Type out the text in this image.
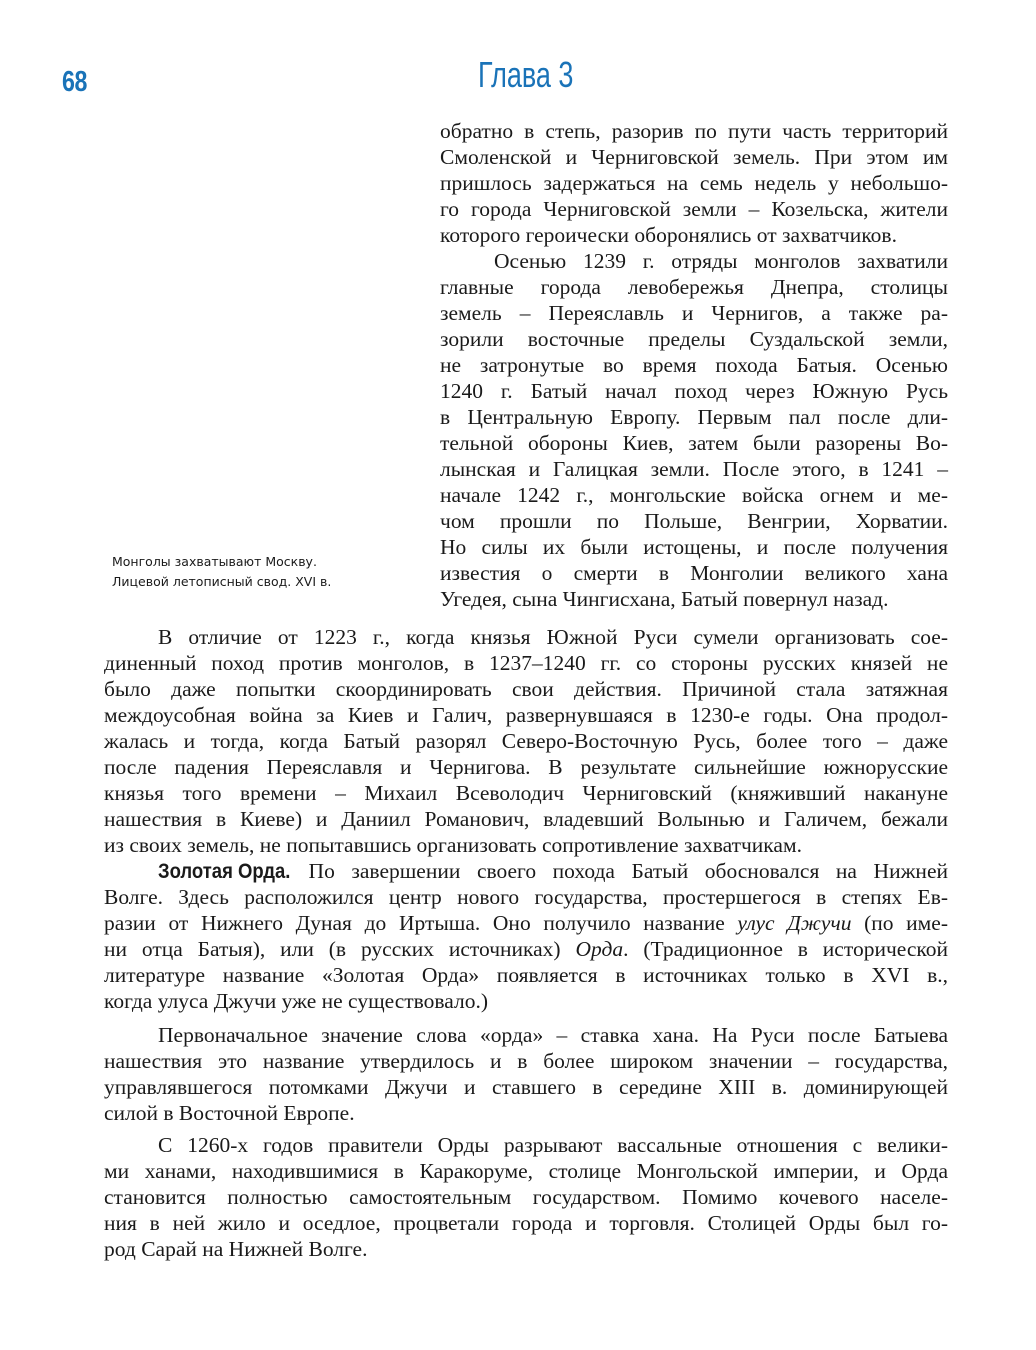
68	Глава 3
Монголы захватывают Москву.
Лицевой летописный свод. XVI в.
обратно в степь, разорив по пути часть территорий
Смоленской и Черниговской земель. При этом им
пришлось задержаться на семь недель у небольшо-
го города Черниговской земли – Козельска, жители
которого героически оборонялись от захватчиков.
Осенью 1239 г. отряды монголов захватили
главные города левобережья Днепра, столицы
земель – Переяславль и Чернигов, а также ра-
зорили восточные пределы Суздальской земли,
не затронутые во время похода Батыя. Осенью
1240 г. Батый начал поход через Южную Русь
в Центральную Европу. Первым пал после дли-
тельной обороны Киев, затем были разорены Во-
лынская и Галицкая земли. После этого, в 1241 –
начале 1242 г., монгольские войска огнем и ме-
чом прошли по Польше, Венгрии, Хорватии.
Но силы их были истощены, и после получения
известия о смерти в Монголии великого хана
Угедея, сына Чингисхана, Батый повернул назад.
В отличие от 1223 г., когда князья Южной Руси сумели организовать сое-
диненный поход против монголов, в 1237–1240 гг. со стороны русских князей не
было даже попытки скоординировать свои действия. Причиной стала затяжная
междоусобная война за Киев и Галич, развернувшаяся в 1230-е годы. Она продол-
жалась и тогда, когда Батый разорял Северо-Восточную Русь, более того – даже
после падения Переяславля и Чернигова. В результате сильнейшие южнорусские
князья того времени – Михаил Всеволодич Черниговский (княживший накануне
нашествия в Киеве) и Даниил Романович, владевший Волынью и Галичем, бежали
из своих земель, не попытавшись организовать сопротивление захватчикам.
Золотая Орда. По завершении своего похода Батый обосновался на Нижней
Волге. Здесь расположился центр нового государства, простершегося в степях Ев-
разии от Нижнего Дуная до Иртыша. Оно получило название улус Джучи (по име-
ни отца Батыя), или (в русских источниках) Орда. (Традиционное в исторической
литературе название «Золотая Орда» появляется в источниках только в XVI в.,
когда улуса Джучи уже не существовало.)
Первоначальное значение слова «орда» – ставка хана. На Руси после Батыева
нашествия это название утвердилось и в более широком значении – государства,
управлявшегося потомками Джучи и ставшего в середине XIII в. доминирующей
силой в Восточной Европе.
С 1260-х годов правители Орды разрывают вассальные отношения с велики-
ми ханами, находившимися в Каракоруме, столице Монгольской империи, и Орда
становится полностью самостоятельным государством. Помимо кочевого населе-
ния в ней жило и оседлое, процветали города и торговля. Столицей Орды был го-
род Сарай на Нижней Волге.
